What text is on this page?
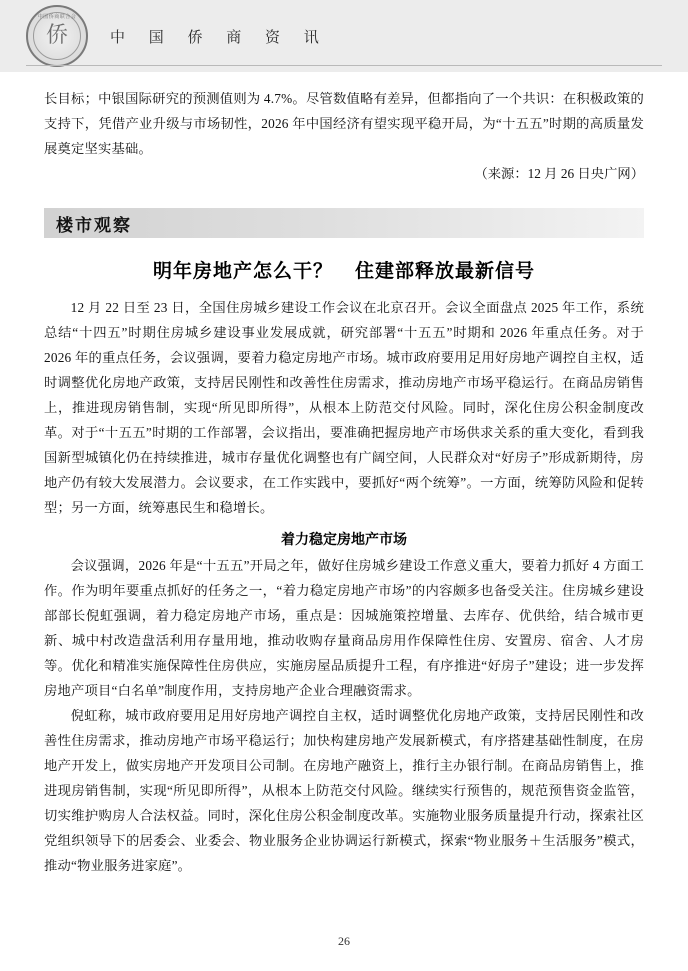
中国侨商联合会
侨	中 国 侨 商 资 讯

长目标；中银国际研究的预测值则为 4.7%。尽管数值略有差异，但都指向了一个共识：在积极政策的支持下，凭借产业升级与市场韧性，2026 年中国经济有望实现平稳开局，为“十五五”时期的高质量发展奠定坚实基础。

（来源：12 月 26 日央广网）

楼市观察
明年房地产怎么干？ 住建部释放最新信号

12 月 22 日至 23 日，全国住房城乡建设工作会议在北京召开。会议全面盘点 2025 年工作，系统总结“十四五”时期住房城乡建设事业发展成就，研究部署“十五五”时期和 2026 年重点任务。对于 2026 年的重点任务，会议强调，要着力稳定房地产市场。城市政府要用足用好房地产调控自主权，适时调整优化房地产政策，支持居民刚性和改善性住房需求，推动房地产市场平稳运行。在商品房销售上，推进现房销售制，实现“所见即所得”，从根本上防范交付风险。同时，深化住房公积金制度改革。对于“十五五”时期的工作部署，会议指出，要准确把握房地产市场供求关系的重大变化，看到我国新型城镇化仍在持续推进，城市存量优化调整也有广阔空间，人民群众对“好房子”形成新期待，房地产仍有较大发展潜力。会议要求，在工作实践中，要抓好“两个统筹”。一方面，统筹防风险和促转型；另一方面，统筹惠民生和稳增长。

着力稳定房地产市场

会议强调，2026 年是“十五五”开局之年，做好住房城乡建设工作意义重大，要着力抓好 4 方面工作。作为明年要重点抓好的任务之一，“着力稳定房地产市场”的内容颇多也备受关注。住房城乡建设部部长倪虹强调，着力稳定房地产市场，重点是：因城施策控增量、去库存、优供给，结合城市更新、城中村改造盘活利用存量用地，推动收购存量商品房用作保障性住房、安置房、宿舍、人才房等。优化和精准实施保障性住房供应，实施房屋品质提升工程，有序推进“好房子”建设；进一步发挥房地产项目“白名单”制度作用，支持房地产企业合理融资需求。

倪虹称，城市政府要用足用好房地产调控自主权，适时调整优化房地产政策，支持居民刚性和改善性住房需求，推动房地产市场平稳运行；加快构建房地产发展新模式，有序搭建基础性制度，在房地产开发上，做实房地产开发项目公司制。在房地产融资上，推行主办银行制。在商品房销售上，推进现房销售制，实现“所见即所得”，从根本上防范交付风险。继续实行预售的，规范预售资金监管，切实维护购房人合法权益。同时，深化住房公积金制度改革。实施物业服务质量提升行动，探索社区党组织领导下的居委会、业委会、物业服务企业协调运行新模式，探索“物业服务＋生活服务”模式，推动“物业服务进家庭”。

26
